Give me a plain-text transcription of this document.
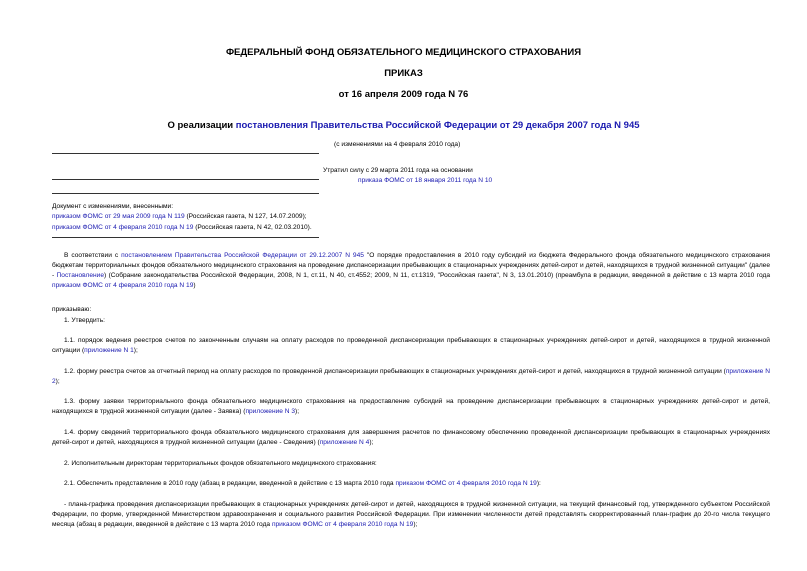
ФЕДЕРАЛЬНЫЙ ФОНД ОБЯЗАТЕЛЬНОГО МЕДИЦИНСКОГО СТРАХОВАНИЯ
ПРИКАЗ
от 16 апреля 2009 года N 76
О реализации постановления Правительства Российской Федерации от 29 декабря 2007 года N 945
(с изменениями на 4 февраля 2010 года)
Утратил силу с 29 марта 2011 года на основании
приказа ФОМС от 18 января 2011 года N 10
Документ с изменениями, внесенными:
приказом ФОМС от 29 мая 2009 года N 119 (Российская газета, N 127, 14.07.2009);
приказом ФОМС от 4 февраля 2010 года N 19 (Российская газета, N 42, 02.03.2010).
В соответствии с постановлением Правительства Российской Федерации от 29.12.2007 N 945 "О порядке предоставления в 2010 году субсидий из бюджета Федерального фонда обязательного медицинского страхования бюджетам территориальных фондов обязательного медицинского страхования на проведение диспансеризации пребывающих в стационарных учреждениях детей-сирот и детей, находящихся в трудной жизненной ситуации" (далее - Постановление) (Собрание законодательства Российской Федерации, 2008, N 1, ст.11, N 40, ст.4552; 2009, N 11, ст.1319, "Российская газета", N 3, 13.01.2010) (преамбула в редакции, введенной в действие с 13 марта 2010 года приказом ФОМС от 4 февраля 2010 года N 19)
приказываю:
1. Утвердить:
1.1. порядок ведения реестров счетов по законченным случаям на оплату расходов по проведенной диспансеризации пребывающих в стационарных учреждениях детей-сирот и детей, находящихся в трудной жизненной ситуации (приложение N 1);
1.2. форму реестра счетов за отчетный период на оплату расходов по проведенной диспансеризации пребывающих в стационарных учреждениях детей-сирот и детей, находящихся в трудной жизненной ситуации (приложение N 2);
1.3. форму заявки территориального фонда обязательного медицинского страхования на предоставление субсидий на проведение диспансеризации пребывающих в стационарных учреждениях детей-сирот и детей, находящихся в трудной жизненной ситуации (далее - Заявка) (приложение N 3);
1.4. форму сведений территориального фонда обязательного медицинского страхования для завершения расчетов по финансовому обеспечению проведенной диспансеризации пребывающих в стационарных учреждениях детей-сирот и детей, находящихся в трудной жизненной ситуации (далее - Сведения) (приложение N 4);
2. Исполнительным директорам территориальных фондов обязательного медицинского страхования:
2.1. Обеспечить представление в 2010 году (абзац в редакции, введенной в действие с 13 марта 2010 года приказом ФОМС от 4 февраля 2010 года N 19):
- плана-графика проведения диспансеризации пребывающих в стационарных учреждениях детей-сирот и детей, находящихся в трудной жизненной ситуации, на текущий финансовый год, утвержденного субъектом Российской Федерации, по форме, утвержденной Министерством здравоохранения и социального развития Российской Федерации. При изменении численности детей представлять скорректированный план-график до 20-го числа текущего месяца (абзац в редакции, введенной в действие с 13 марта 2010 года приказом ФОМС от 4 февраля 2010 года N 19);
